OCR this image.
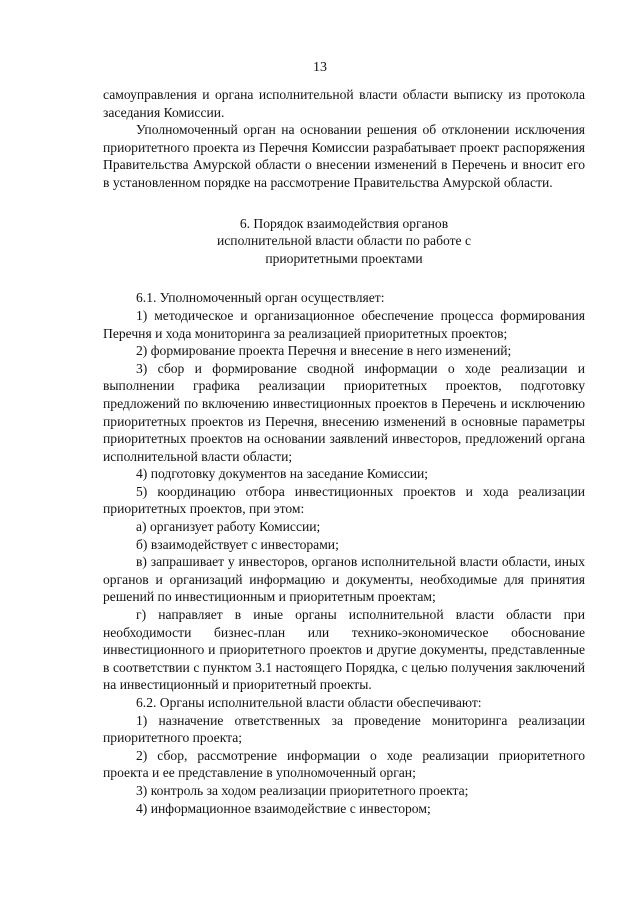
13

самоуправления и органа исполнительной власти области выписку из протокола заседания Комиссии.

Уполномоченный орган на основании решения об отклонении исключения приоритетного проекта из Перечня Комиссии разрабатывает проект распоряжения Правительства Амурской области о внесении изменений в Перечень и вносит его в установленном порядке на рассмотрение Правительства Амурской области.

6. Порядок взаимодействия органов
исполнительной власти области по работе с
приоритетными проектами

6.1. Уполномоченный орган осуществляет:

1) методическое и организационное обеспечение процесса формирования Перечня и хода мониторинга за реализацией приоритетных проектов;

2) формирование проекта Перечня и внесение в него изменений;

3) сбор и формирование сводной информации о ходе реализации и выполнении графика реализации приоритетных проектов, подготовку предложений по включению инвестиционных проектов в Перечень и исключению приоритетных проектов из Перечня, внесению изменений в основные параметры приоритетных проектов на основании заявлений инвесторов, предложений органа исполнительной власти области;

4) подготовку документов на заседание Комиссии;

5) координацию отбора инвестиционных проектов и хода реализации приоритетных проектов, при этом:

а) организует работу Комиссии;

б) взаимодействует с инвесторами;

в) запрашивает у инвесторов, органов исполнительной власти области, иных органов и организаций информацию и документы, необходимые для принятия решений по инвестиционным и приоритетным проектам;

г) направляет в иные органы исполнительной власти области при необходимости бизнес-план или технико-экономическое обоснование инвестиционного и приоритетного проектов и другие документы, представленные в соответствии с пунктом 3.1 настоящего Порядка, с целью получения заключений на инвестиционный и приоритетный проекты.

6.2. Органы исполнительной власти области обеспечивают:

1) назначение ответственных за проведение мониторинга реализации приоритетного проекта;

2) сбор, рассмотрение информации о ходе реализации приоритетного проекта и ее представление в уполномоченный орган;

3) контроль за ходом реализации приоритетного проекта;

4) информационное взаимодействие с инвестором;
